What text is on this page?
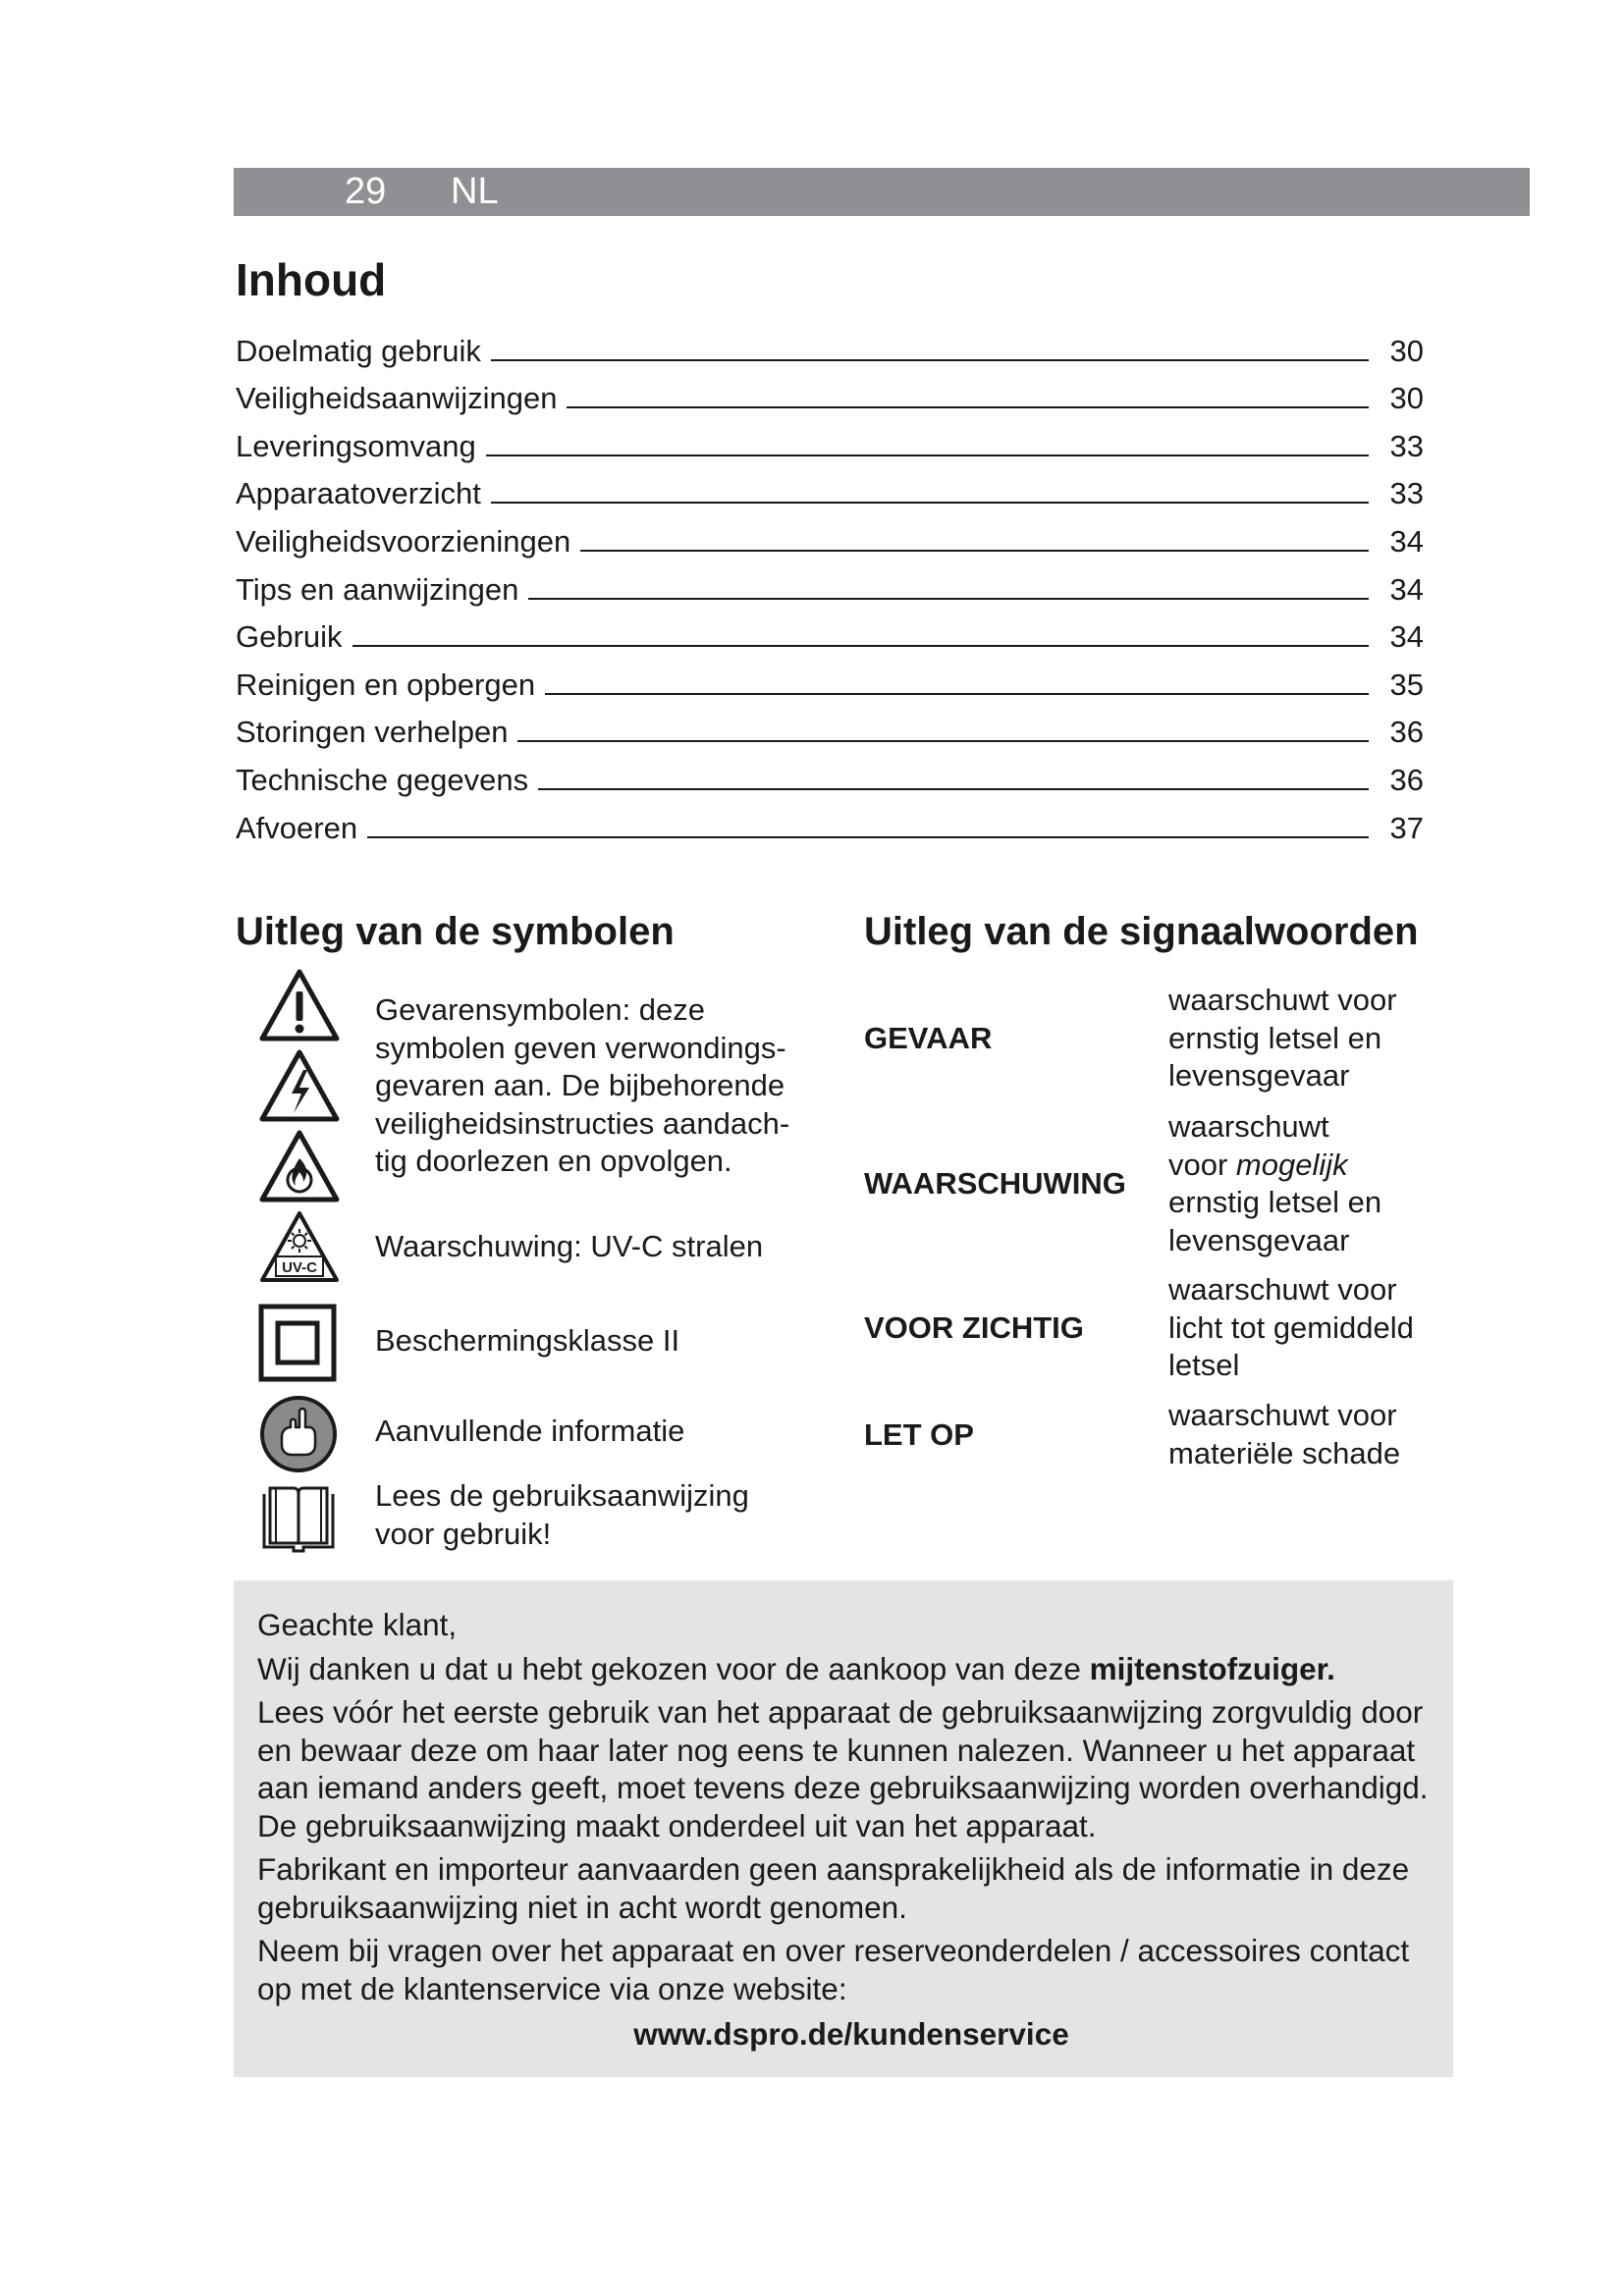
29 NL
Inhoud
Doelmatig gebruik	30
Veiligheidsaanwijzingen	30
Leveringsomvang	33
Apparaatoverzicht	33
Veiligheidsvoorzieningen	34
Tips en aanwijzingen	34
Gebruik	34
Reinigen en opbergen	35
Storingen verhelpen	36
Technische gegevens	36
Afvoeren	37
Uitleg van de symbolen
Gevarensymbolen: deze
symbolen geven verwondings-
gevaren aan. De bijbehorende
veiligheidsinstructies aandach-
tig doorlezen en opvolgen.
UV-C
Waarschuwing: UV-C stralen
Beschermingsklasse II
Aanvullende informatie
Lees de gebruiksaanwijzing
voor gebruik!
Uitleg van de signaalwoorden
GEVAAR
waarschuwt voor
ernstig letsel en
levensgevaar
WAARSCHUWING
waarschuwt
voor mogelijk
ernstig letsel en
levensgevaar
VOOR ZICHTIG
waarschuwt voor
licht tot gemiddeld
letsel
LET OP
waarschuwt voor
materiële schade

Geachte klant,

Wij danken u dat u hebt gekozen voor de aankoop van deze mijtenstofzuiger.

Lees vóór het eerste gebruik van het apparaat de gebruiksaanwijzing zorgvuldig door en bewaar deze om haar later nog eens te kunnen nalezen. Wanneer u het apparaat aan iemand anders geeft, moet tevens deze gebruiksaanwijzing worden overhandigd. De gebruiksaanwijzing maakt onderdeel uit van het apparaat.

Fabrikant en importeur aanvaarden geen aansprakelijkheid als de informatie in deze gebruiksaanwijzing niet in acht wordt genomen.

Neem bij vragen over het apparaat en over reserveonderdelen / accessoires contact op met de klantenservice via onze website:

www.dspro.de/kundenservice
